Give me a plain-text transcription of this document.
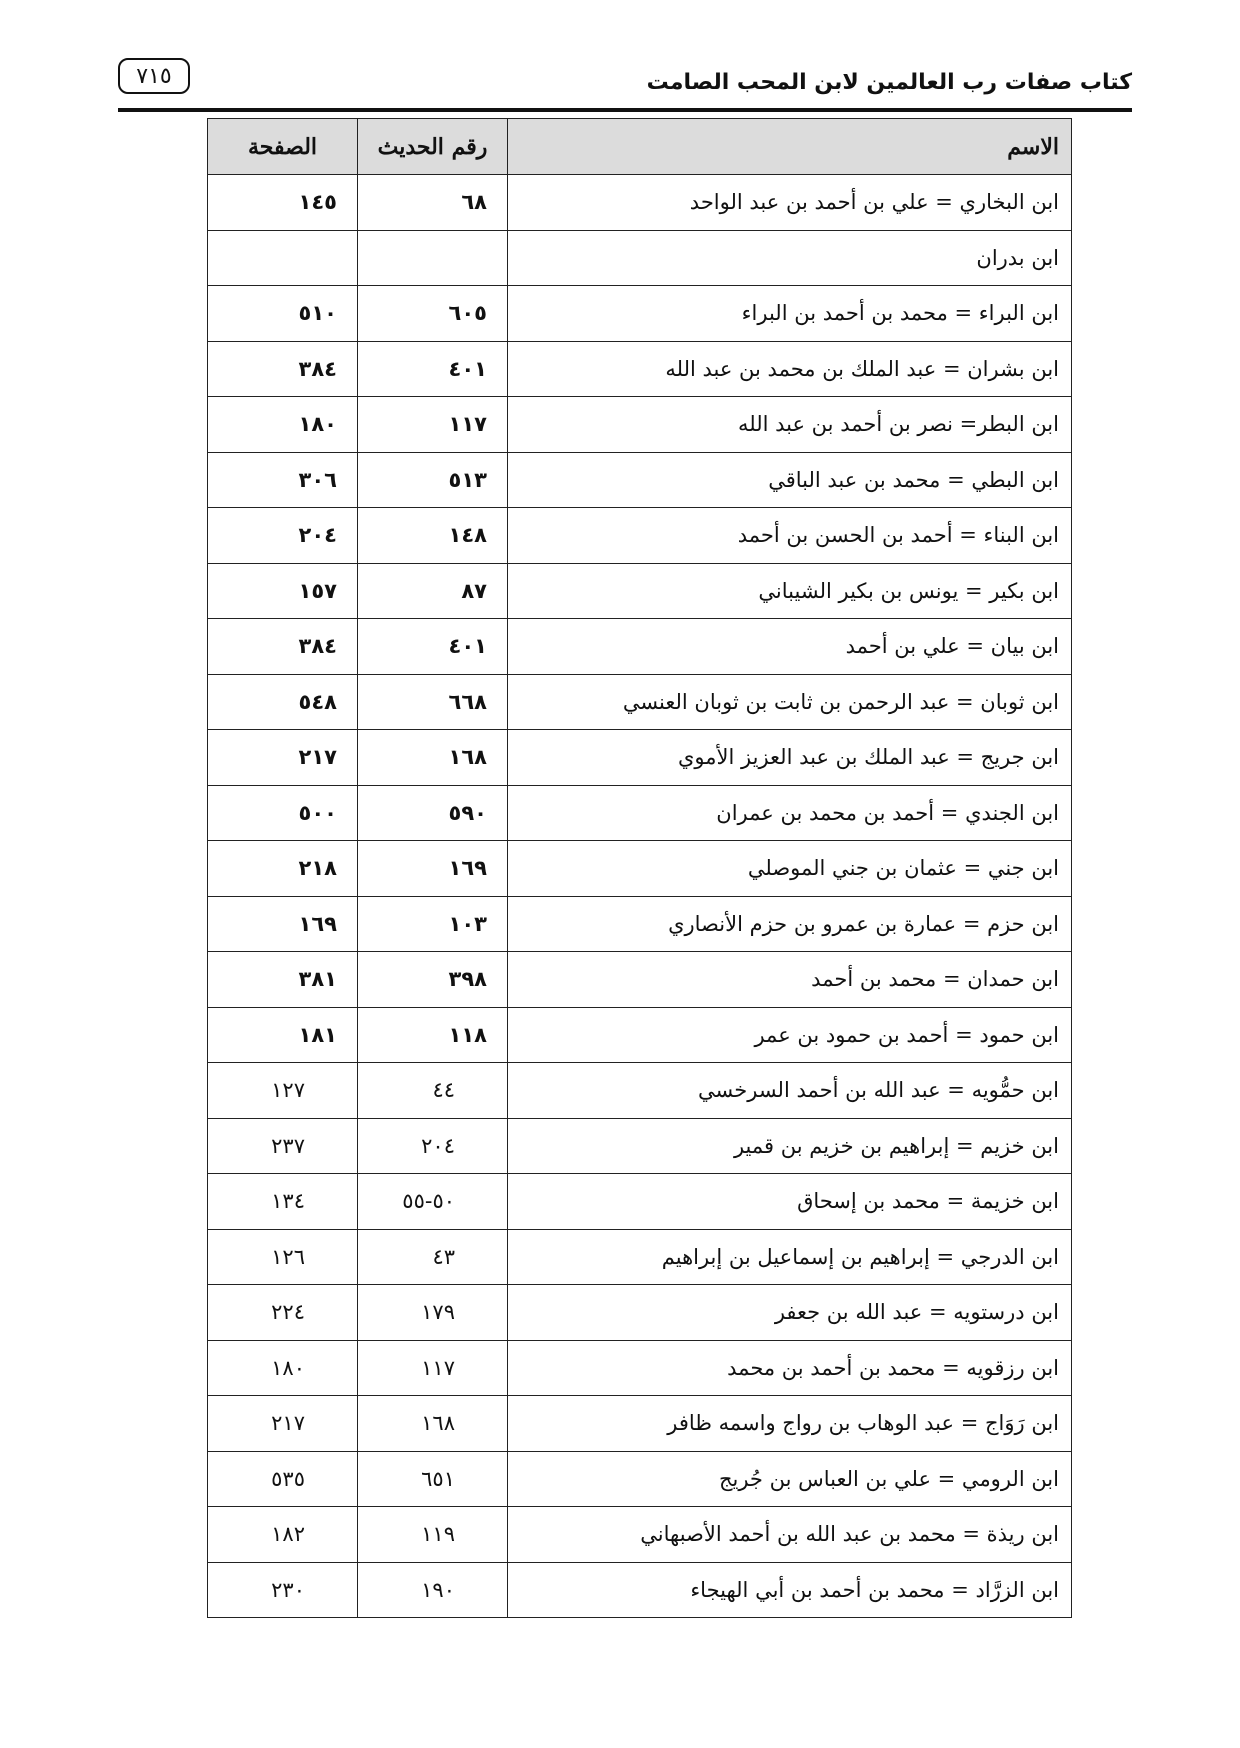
٧١٥	كتاب صفات رب العالمين لابن المحب الصامت
الاسم	رقم الحديث	الصفحة
ابن البخاري = علي بن أحمد بن عبد الواحد	٦٨	١٤٥
ابن بدران		
ابن البراء = محمد بن أحمد بن البراء	٦٠٥	٥١٠
ابن بشران = عبد الملك بن محمد بن عبد الله	٤٠١	٣٨٤
ابن البطر= نصر بن أحمد بن عبد الله	١١٧	١٨٠
ابن البطي = محمد بن عبد الباقي	٥١٣	٣٠٦
ابن البناء = أحمد بن الحسن بن أحمد	١٤٨	٢٠٤
ابن بكير = يونس بن بكير الشيباني	٨٧	١٥٧
ابن بيان = علي بن أحمد	٤٠١	٣٨٤
ابن ثوبان = عبد الرحمن بن ثابت بن ثوبان العنسي	٦٦٨	٥٤٨
ابن جريج = عبد الملك بن عبد العزيز الأموي	١٦٨	٢١٧
ابن الجندي = أحمد بن محمد بن عمران	٥٩٠	٥٠٠
ابن جني = عثمان بن جني الموصلي	١٦٩	٢١٨
ابن حزم = عمارة بن عمرو بن حزم الأنصاري	١٠٣	١٦٩
ابن حمدان = محمد بن أحمد	٣٩٨	٣٨١
ابن حمود = أحمد بن حمود بن عمر	١١٨	١٨١
ابن حمُّويه = عبد الله بن أحمد السرخسي	٤٤	١٢٧
ابن خزيم = إبراهيم بن خزيم بن قمير	٢٠٤	٢٣٧
ابن خزيمة = محمد بن إسحاق	٥٠-٥٥	١٣٤
ابن الدرجي = إبراهيم بن إسماعيل بن إبراهيم	٤٣	١٢٦
ابن درستويه = عبد الله بن جعفر	١٧٩	٢٢٤
ابن رزقويه = محمد بن أحمد بن محمد	١١٧	١٨٠
ابن رَوَاج = عبد الوهاب بن رواج واسمه ظافر	١٦٨	٢١٧
ابن الرومي = علي بن العباس بن جُريج	٦٥١	٥٣٥
ابن ريذة = محمد بن عبد الله بن أحمد الأصبهاني	١١٩	١٨٢
ابن الزرَّاد = محمد بن أحمد بن أبي الهيجاء	١٩٠	٢٣٠
